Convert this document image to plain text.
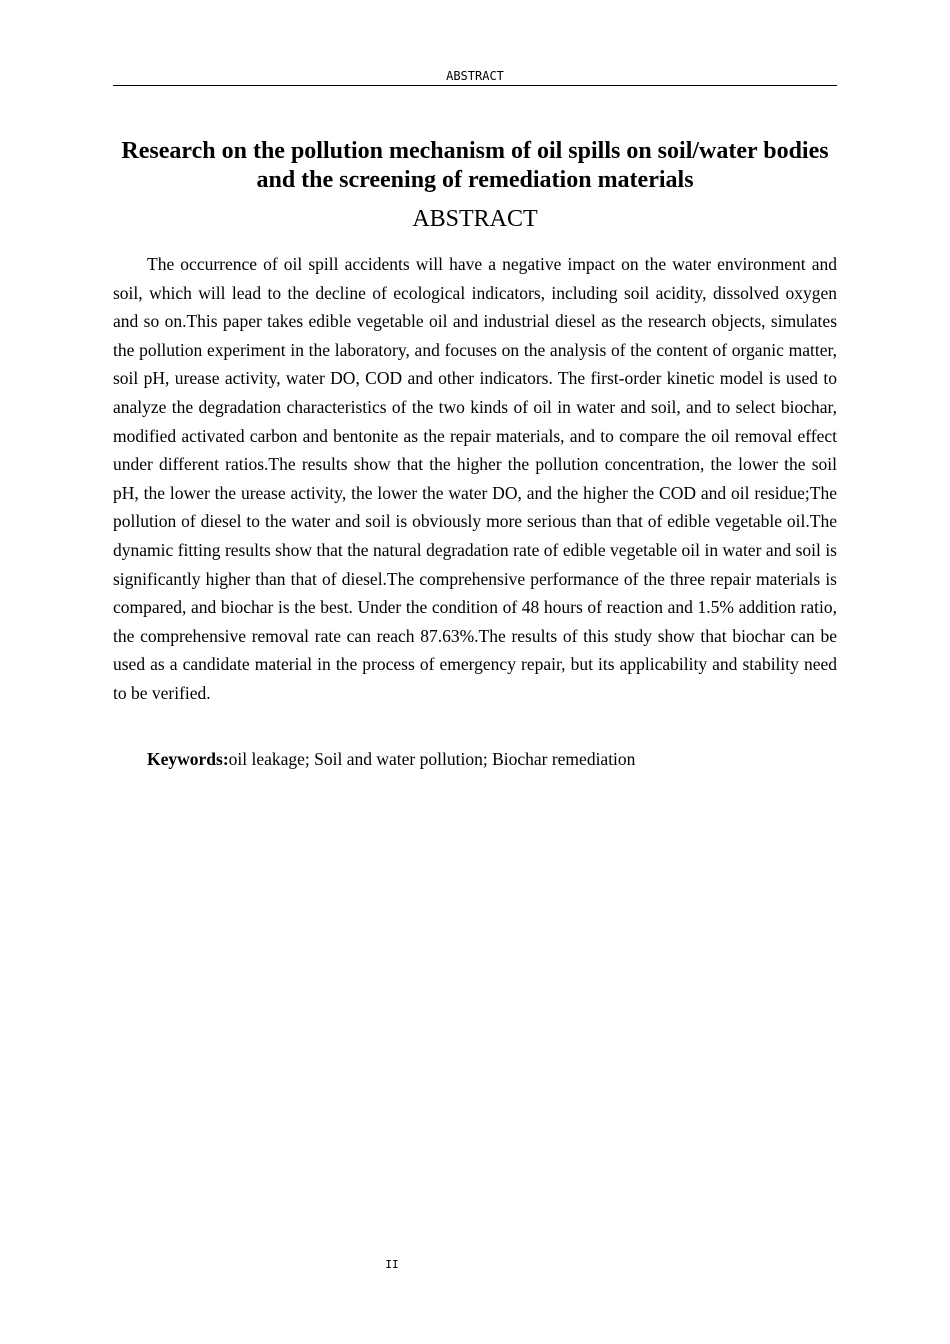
ABSTRACT
Research on the pollution mechanism of oil spills on soil/water bodies and the screening of remediation materials
ABSTRACT

The occurrence of oil spill accidents will have a negative impact on the water environment and soil, which will lead to the decline of ecological indicators, including soil acidity, dissolved oxygen and so on.This paper takes edible vegetable oil and industrial diesel as the research objects, simulates the pollution experiment in the laboratory, and focuses on the analysis of the content of organic matter, soil pH, urease activity, water DO, COD and other indicators. The first-order kinetic model is used to analyze the degradation characteristics of the two kinds of oil in water and soil, and to select biochar, modified activated carbon and bentonite as the repair materials, and to compare the oil removal effect under different ratios.The results show that the higher the pollution concentration, the lower the soil pH, the lower the urease activity, the lower the water DO, and the higher the COD and oil residue;The pollution of diesel to the water and soil is obviously more serious than that of edible vegetable oil.The dynamic fitting results show that the natural degradation rate of edible vegetable oil in water and soil is significantly higher than that of diesel.The comprehensive performance of the three repair materials is compared, and biochar is the best. Under the condition of 48 hours of reaction and 1.5% addition ratio, the comprehensive removal rate can reach 87.63%.The results of this study show that biochar can be used as a candidate material in the process of emergency repair, but its applicability and stability need to be verified.

Keywords:oil leakage; Soil and water pollution; Biochar remediation

II
